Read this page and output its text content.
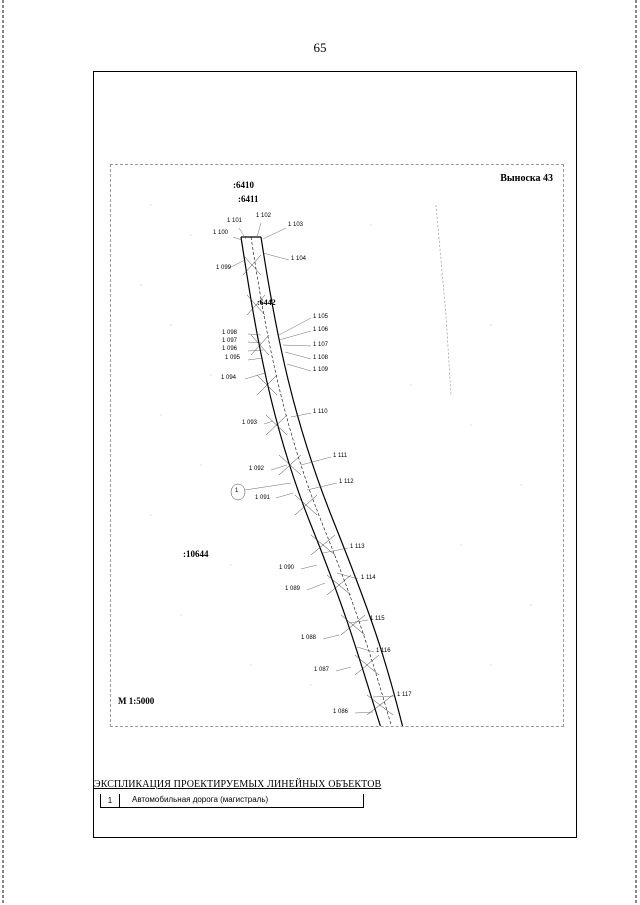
65
Выноска 43
:6410
:6411
:6442
:10644
1
1 101
1 102
1 103
1 100
1 104
1 099
1 105
1 106
1 098
1 097
1 107
1 096
1 108
1 095
1 109
1 094
1 110
1 093
1 111
1 092
1 112
1 091
1 113
1 090
1 114
1 089
1 115
1 088
1 116
1 087
1 117
1 086
M 1:5000
ЭКСПЛИКАЦИЯ ПРОЕКТИРУЕМЫХ ЛИНЕЙНЫХ ОБЪЕКТОВ
1	Автомобильная дорога (магистраль)
